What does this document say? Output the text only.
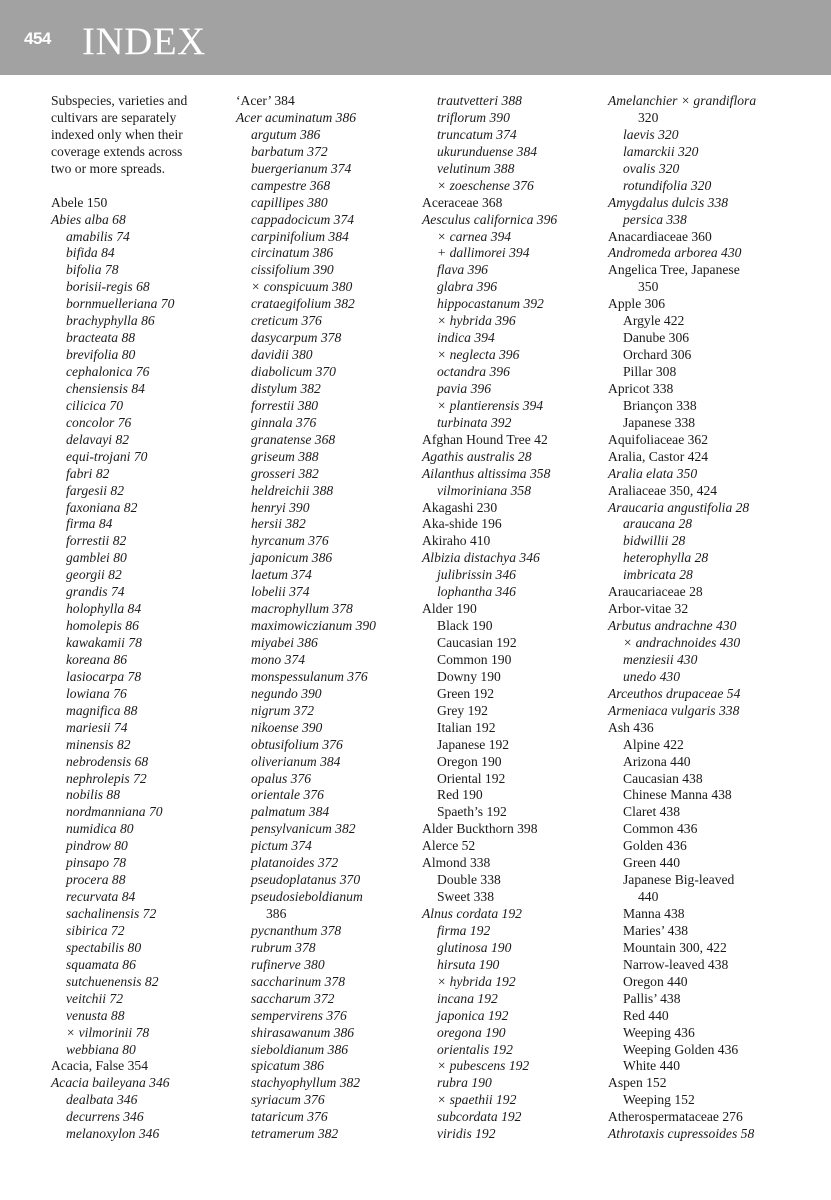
454 INDEX
Subspecies, varieties and
cultivars are separately
indexed only when their
coverage extends across
two or more spreads.
Abele 150
Abies alba 68
amabilis 74
bifida 84
bifolia 78
borisii-regis 68
bornmuelleriana 70
brachyphylla 86
bracteata 88
brevifolia 80
cephalonica 76
chensiensis 84
cilicica 70
concolor 76
delavayi 82
equi-trojani 70
fabri 82
fargesii 82
faxoniana 82
firma 84
forrestii 82
gamblei 80
georgii 82
grandis 74
holophylla 84
homolepis 86
kawakamii 78
koreana 86
lasiocarpa 78
lowiana 76
magnifica 88
mariesii 74
minensis 82
nebrodensis 68
nephrolepis 72
nobilis 88
nordmanniana 70
numidica 80
pindrow 80
pinsapo 78
procera 88
recurvata 84
sachalinensis 72
sibirica 72
spectabilis 80
squamata 86
sutchuenensis 82
veitchii 72
venusta 88
× vilmorinii 78
webbiana 80
Acacia, False 354
Acacia baileyana 346
dealbata 346
decurrens 346
melanoxylon 346
‘Acer’ 384
Acer acuminatum 386
argutum 386
barbatum 372
buergerianum 374
campestre 368
capillipes 380
cappadocicum 374
carpinifolium 384
circinatum 386
cissifolium 390
× conspicuum 380
crataegifolium 382
creticum 376
dasycarpum 378
davidii 380
diabolicum 370
distylum 382
forrestii 380
ginnala 376
granatense 368
griseum 388
grosseri 382
heldreichii 388
henryi 390
hersii 382
hyrcanum 376
japonicum 386
laetum 374
lobelii 374
macrophyllum 378
maximowiczianum 390
miyabei 386
mono 374
monspessulanum 376
negundo 390
nigrum 372
nikoense 390
obtusifolium 376
oliverianum 384
opalus 376
orientale 376
palmatum 384
pensylvanicum 382
pictum 374
platanoides 372
pseudoplatanus 370
pseudosieboldianum
386
pycnanthum 378
rubrum 378
rufinerve 380
saccharinum 378
saccharum 372
sempervirens 376
shirasawanum 386
sieboldianum 386
spicatum 386
stachyophyllum 382
syriacum 376
tataricum 376
tetramerum 382
trautvetteri 388
triflorum 390
truncatum 374
ukurunduense 384
velutinum 388
× zoeschense 376
Aceraceae 368
Aesculus californica 396
× carnea 394
+ dallimorei 394
flava 396
glabra 396
hippocastanum 392
× hybrida 396
indica 394
× neglecta 396
octandra 396
pavia 396
× plantierensis 394
turbinata 392
Afghan Hound Tree 42
Agathis australis 28
Ailanthus altissima 358
vilmoriniana 358
Akagashi 230
Aka-shide 196
Akiraho 410
Albizia distachya 346
julibrissin 346
lophantha 346
Alder 190
Black 190
Caucasian 192
Common 190
Downy 190
Green 192
Grey 192
Italian 192
Japanese 192
Oregon 190
Oriental 192
Red 190
Spaeth’s 192
Alder Buckthorn 398
Alerce 52
Almond 338
Double 338
Sweet 338
Alnus cordata 192
firma 192
glutinosa 190
hirsuta 190
× hybrida 192
incana 192
japonica 192
oregona 190
orientalis 192
× pubescens 192
rubra 190
× spaethii 192
subcordata 192
viridis 192
Amelanchier × grandiflora
320
laevis 320
lamarckii 320
ovalis 320
rotundifolia 320
Amygdalus dulcis 338
persica 338
Anacardiaceae 360
Andromeda arborea 430
Angelica Tree, Japanese
350
Apple 306
Argyle 422
Danube 306
Orchard 306
Pillar 308
Apricot 338
Briançon 338
Japanese 338
Aquifoliaceae 362
Aralia, Castor 424
Aralia elata 350
Araliaceae 350, 424
Araucaria angustifolia 28
araucana 28
bidwillii 28
heterophylla 28
imbricata 28
Araucariaceae 28
Arbor-vitae 32
Arbutus andrachne 430
× andrachnoides 430
menziesii 430
unedo 430
Arceuthos drupaceae 54
Armeniaca vulgaris 338
Ash 436
Alpine 422
Arizona 440
Caucasian 438
Chinese Manna 438
Claret 438
Common 436
Golden 436
Green 440
Japanese Big-leaved
440
Manna 438
Maries’ 438
Mountain 300, 422
Narrow-leaved 438
Oregon 440
Pallis’ 438
Red 440
Weeping 436
Weeping Golden 436
White 440
Aspen 152
Weeping 152
Atherospermataceae 276
Athrotaxis cupressoides 58
